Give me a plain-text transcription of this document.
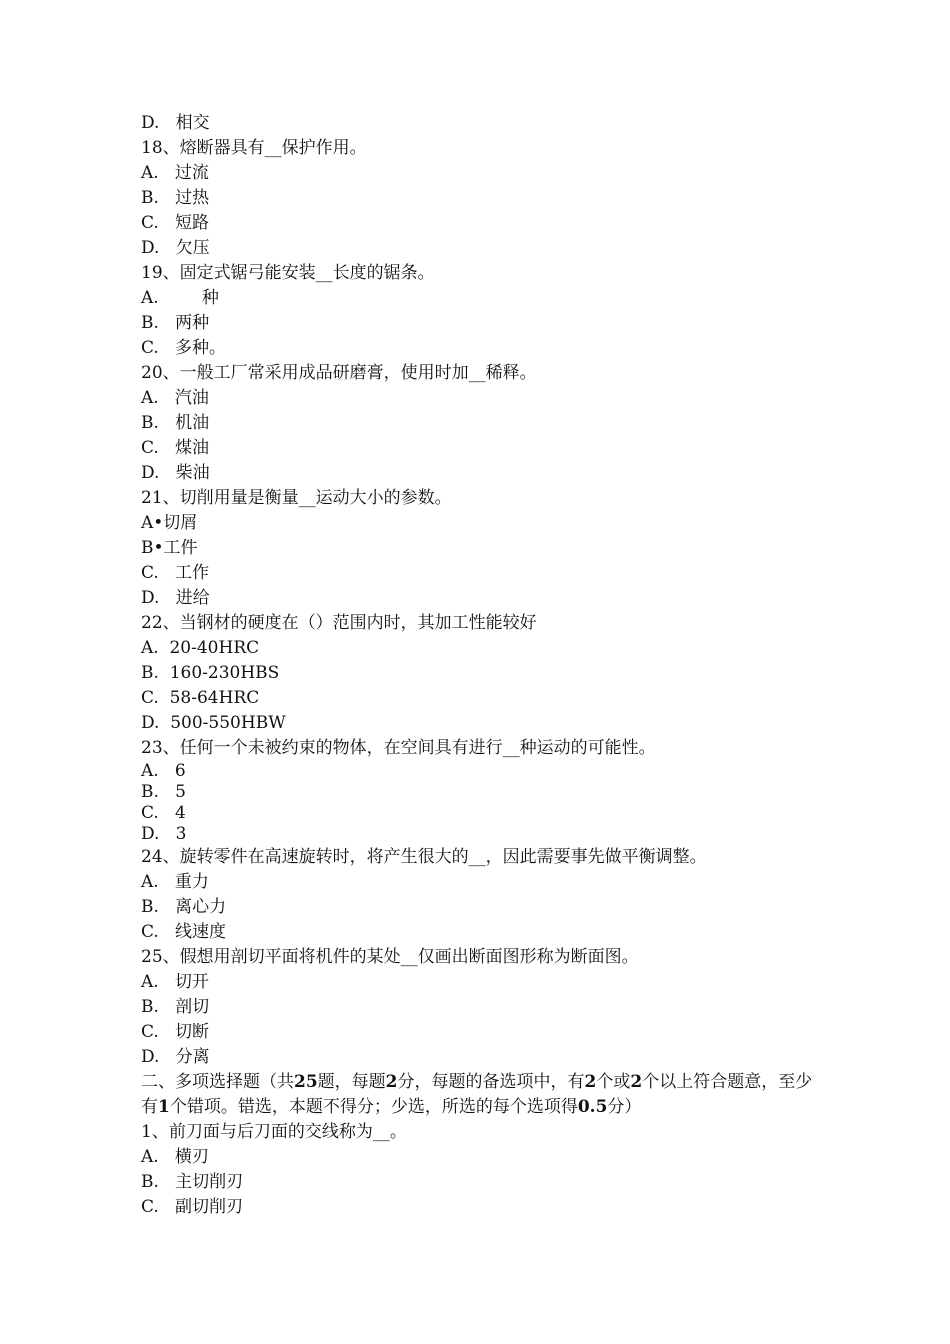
D.   相交
18、熔断器具有__保护作用。
A.   过流
B.   过热
C.   短路
D.   欠压
19、固定式锯弓能安装__长度的锯条。
A.        种
B.   两种
C.   多种。
20、一般工厂常采用成品研磨膏，使用时加__稀释。
A.   汽油
B.   机油
C.   煤油
D.   柴油
21、切削用量是衡量__运动大小的参数。
A•切屑
B•工件
C.   工作
D.   进给
22、当钢材的硬度在（）范围内时，其加工性能较好
A.  20-40HRC
B.  160-230HBS
C.  58-64HRC
D.  500-550HBW
23、任何一个未被约束的物体，在空间具有进行__种运动的可能性。
A.   6
B.   5
C.   4
D.   3
24、旋转零件在高速旋转时，将产生很大的__，因此需要事先做平衡调整。
A.   重力
B.   离心力
C.   线速度
25、假想用剖切平面将机件的某处__仅画出断面图形称为断面图。
A.   切开
B.   剖切
C.   切断
D.   分离
二、多项选择题（共25题，每题2分，每题的备选项中，有2个或2个以上符合题意，至少有1个错项。错选，本题不得分；少选，所选的每个选项得0.5分）
1、前刀面与后刀面的交线称为__。
A.   横刃
B.   主切削刃
C.   副切削刃
